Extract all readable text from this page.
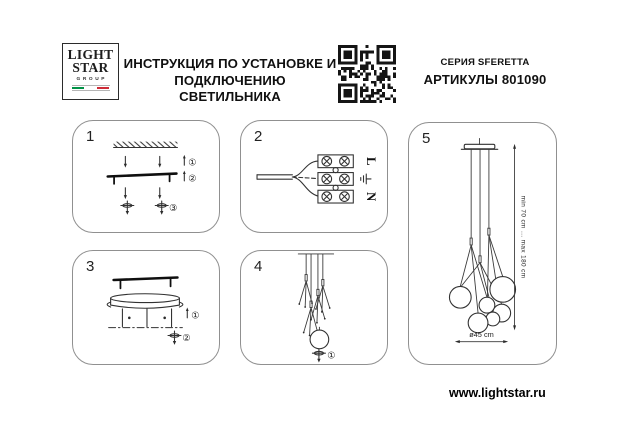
LIGHT
STAR
GROUP
ИНСТРУКЦИЯ ПО УСТАНОВКЕ И
ПОДКЛЮЧЕНИЮ СВЕТИЛЬНИКА
СЕРИЯ SFERETTA
АРТИКУЛЫ 801090
1
①
②
③
2
L
N
3
①
②
4
①
5
min 70 cm ... max 180 cm
ø45 cm
www.lightstar.ru
